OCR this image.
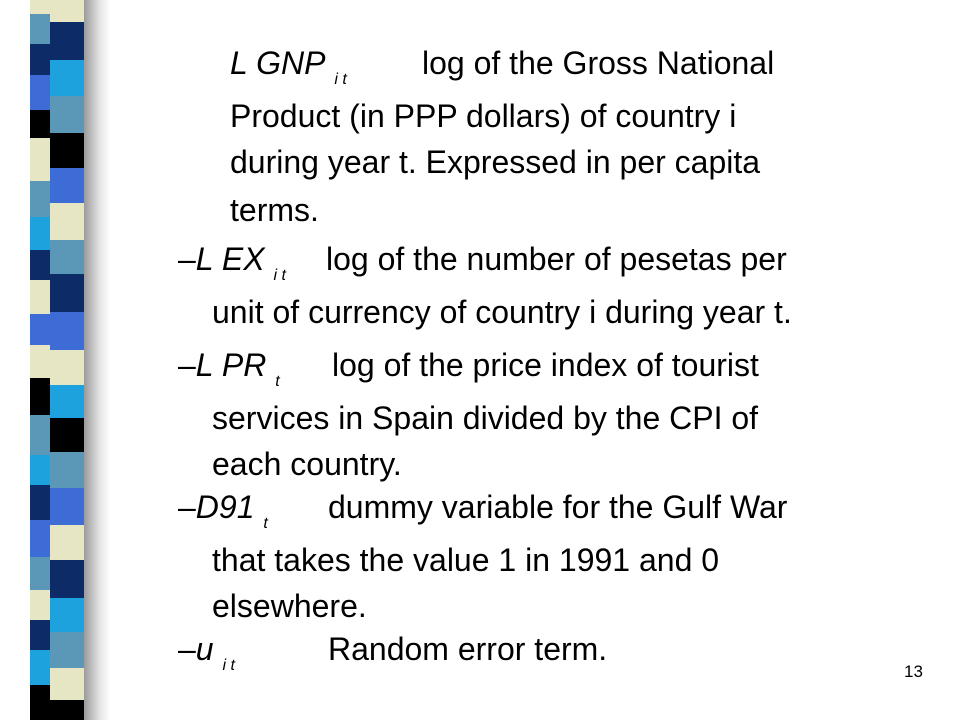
L GNP $_{i t}$ log of the Gross National
Product (in PPP dollars) of country i
during year t. Expressed in per capita
terms.
–L EX $_{i t}$ log of the number of pesetas per
unit of currency of country i during year t.
–L PR $_t$ log of the price index of tourist
services in Spain divided by the CPI of
each country.
–D91 $_t$ dummy variable for the Gulf War
that takes the value 1 in 1991 and 0
elsewhere.
–u $_{i t}$	Random error term.
13
